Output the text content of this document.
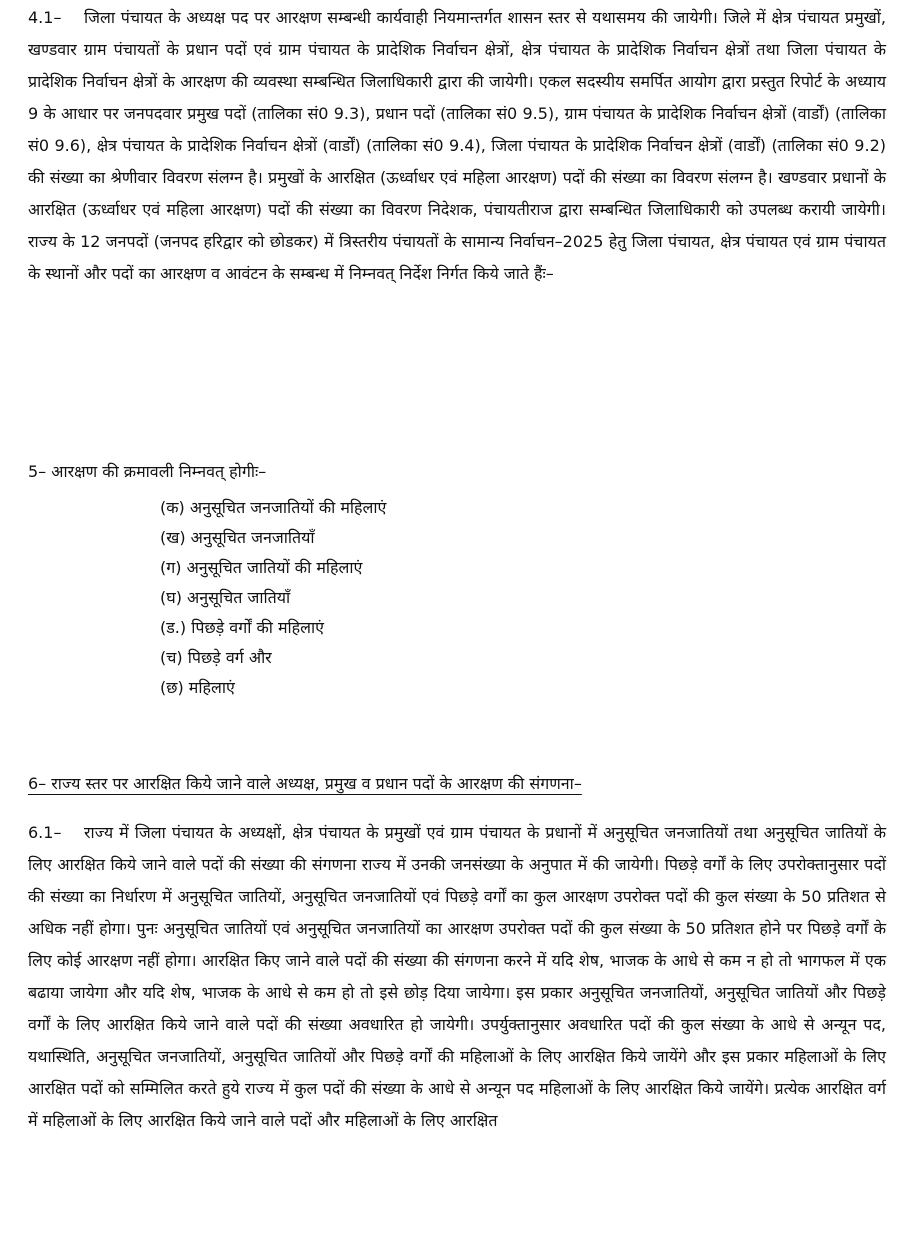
4.1– जिला पंचायत के अध्यक्ष पद पर आरक्षण सम्बन्धी कार्यवाही नियमान्तर्गत शासन स्तर से यथासमय की जायेगी। जिले में क्षेत्र पंचायत प्रमुखों, खण्डवार ग्राम पंचायतों के प्रधान पदों एवं ग्राम पंचायत के प्रादेशिक निर्वाचन क्षेत्रों, क्षेत्र पंचायत के प्रादेशिक निर्वाचन क्षेत्रों तथा जिला पंचायत के प्रादेशिक निर्वाचन क्षेत्रों के आरक्षण की व्यवस्था सम्बन्धित जिलाधिकारी द्वारा की जायेगी। एकल सदस्यीय समर्पित आयोग द्वारा प्रस्तुत रिपोर्ट के अध्याय 9 के आधार पर जनपदवार प्रमुख पदों (तालिका सं0 9.3), प्रधान पदों (तालिका सं0 9.5), ग्राम पंचायत के प्रादेशिक निर्वाचन क्षेत्रों (वार्डों) (तालिका सं0 9.6), क्षेत्र पंचायत के प्रादेशिक निर्वाचन क्षेत्रों (वार्डों) (तालिका सं0 9.4), जिला पंचायत के प्रादेशिक निर्वाचन क्षेत्रों (वार्डों) (तालिका सं0 9.2) की संख्या का श्रेणीवार विवरण संलग्न है। प्रमुखों के आरक्षित (ऊर्ध्वाधर एवं महिला आरक्षण) पदों की संख्या का विवरण संलग्न है। खण्डवार प्रधानों के आरक्षित (ऊर्ध्वाधर एवं महिला आरक्षण) पदों की संख्या का विवरण निदेशक, पंचायतीराज द्वारा सम्बन्धित जिलाधिकारी को उपलब्ध करायी जायेगी। राज्य के 12 जनपदों (जनपद हरिद्वार को छोडकर) में त्रिस्तरीय पंचायतों के सामान्य निर्वाचन–2025 हेतु जिला पंचायत, क्षेत्र पंचायत एवं ग्राम पंचायत के स्थानों और पदों का आरक्षण व आवंटन के सम्बन्ध में निम्नवत् निर्देश निर्गत किये जाते हैंः–

5– आरक्षण की क्रमावली निम्नवत् होगीः–

(क) अनुसूचित जनजातियों की महिलाएं
(ख) अनुसूचित जनजातियाँ
(ग) अनुसूचित जातियों की महिलाएं
(घ) अनुसूचित जातियाँ
(ड.) पिछड़े वर्गों की महिलाएं
(च) पिछड़े वर्ग और
(छ) महिलाएं

6– राज्य स्तर पर आरक्षित किये जाने वाले अध्यक्ष, प्रमुख व प्रधान पदों के आरक्षण की संगणना–

6.1– राज्य में जिला पंचायत के अध्यक्षों, क्षेत्र पंचायत के प्रमुखों एवं ग्राम पंचायत के प्रधानों में अनुसूचित जनजातियों तथा अनुसूचित जातियों के लिए आरक्षित किये जाने वाले पदों की संख्या की संगणना राज्य में उनकी जनसंख्या के अनुपात में की जायेगी। पिछड़े वर्गों के लिए उपरोक्तानुसार पदों की संख्या का निर्धारण में अनुसूचित जातियों, अनुसूचित जनजातियों एवं पिछड़े वर्गों का कुल आरक्षण उपरोक्त पदों की कुल संख्या के 50 प्रतिशत से अधिक नहीं होगा। पुनः अनुसूचित जातियों एवं अनुसूचित जनजातियों का आरक्षण उपरोक्त पदों की कुल संख्या के 50 प्रतिशत होने पर पिछड़े वर्गों के लिए कोई आरक्षण नहीं होगा। आरक्षित किए जाने वाले पदों की संख्या की संगणना करने में यदि शेष, भाजक के आधे से कम न हो तो भागफल में एक बढाया जायेगा और यदि शेष, भाजक के आधे से कम हो तो इसे छोड़ दिया जायेगा। इस प्रकार अनुसूचित जनजातियों, अनुसूचित जातियों और पिछड़े वर्गों के लिए आरक्षित किये जाने वाले पदों की संख्या अवधारित हो जायेगी। उपर्युक्तानुसार अवधारित पदों की कुल संख्या के आधे से अन्यून पद, यथास्थिति, अनुसूचित जनजातियों, अनुसूचित जातियों और पिछड़े वर्गों की महिलाओं के लिए आरक्षित किये जायेंगे और इस प्रकार महिलाओं के लिए आरक्षित पदों को सम्मिलित करते हुये राज्य में कुल पदों की संख्या के आधे से अन्यून पद महिलाओं के लिए आरक्षित किये जायेंगे। प्रत्येक आरक्षित वर्ग में महिलाओं के लिए आरक्षित किये जाने वाले पदों और महिलाओं के लिए आरक्षित
